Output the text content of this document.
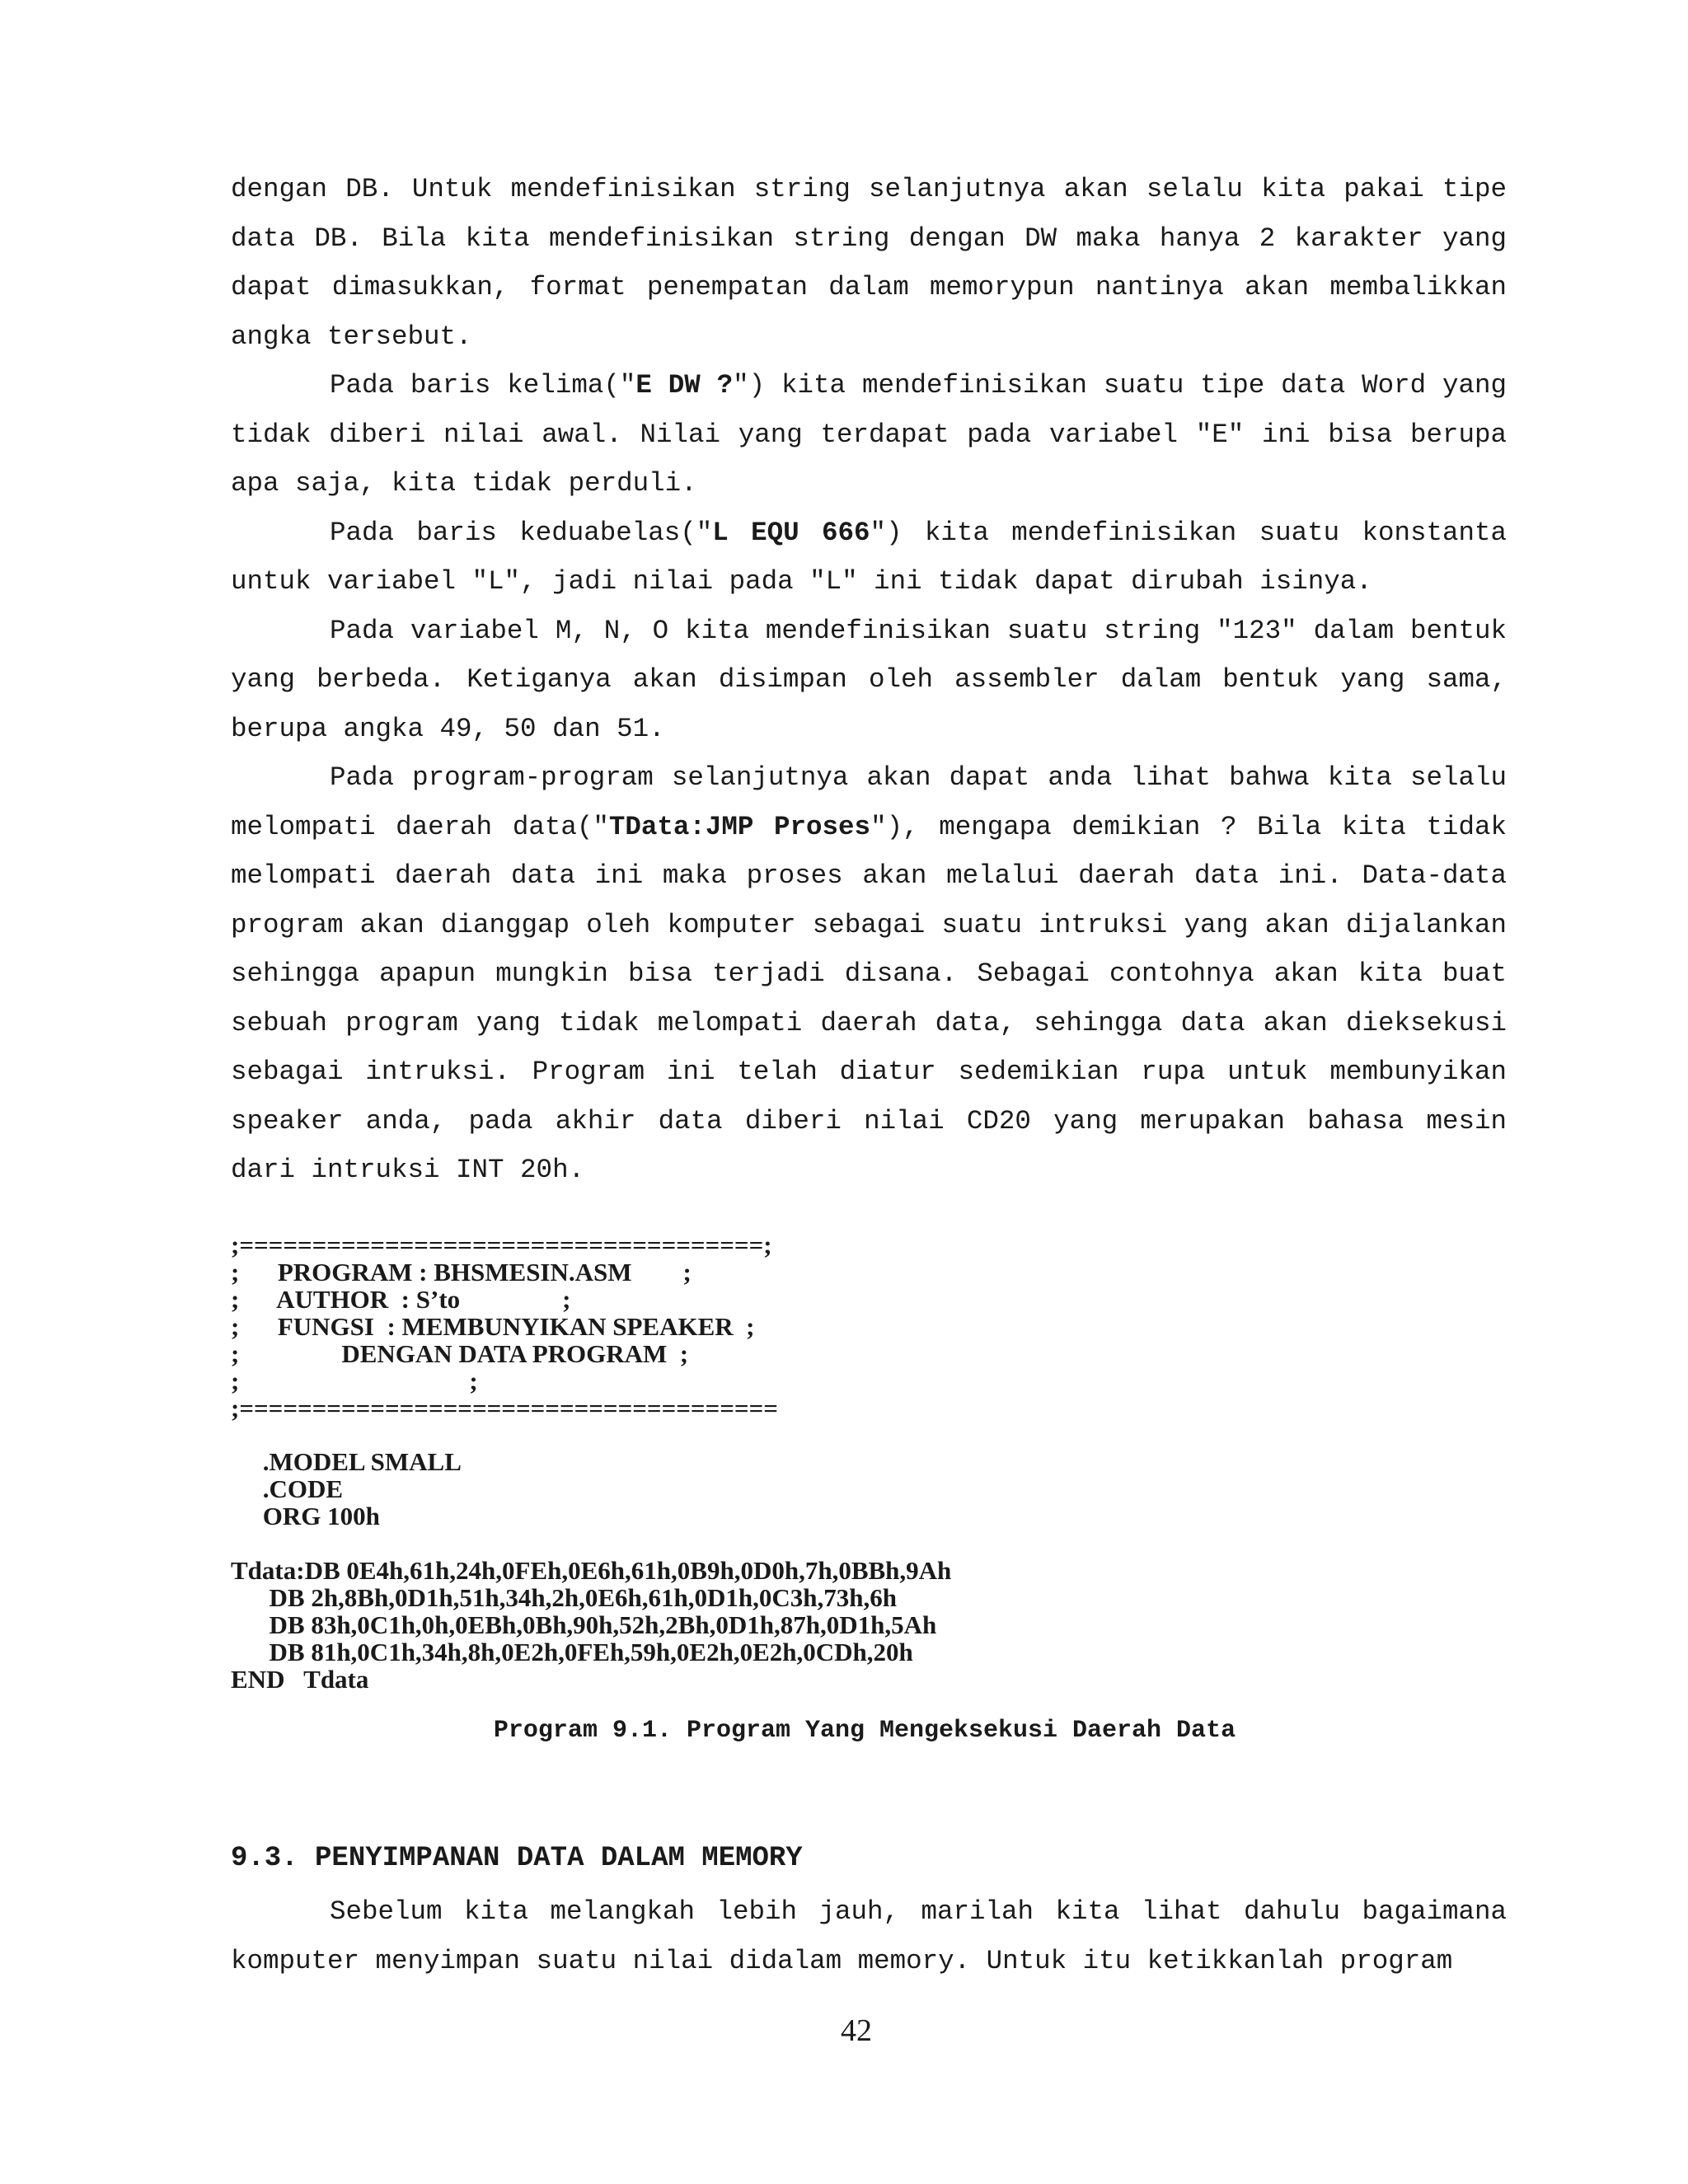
dengan DB. Untuk mendefinisikan string selanjutnya akan selalu kita pakai tipe data DB. Bila kita mendefinisikan string dengan DW maka hanya 2 karakter yang dapat dimasukkan, format penempatan dalam memorypun nantinya akan membalikkan angka tersebut.

Pada baris kelima("E DW ?") kita mendefinisikan suatu tipe data Word yang tidak diberi nilai awal. Nilai yang terdapat pada variabel "E" ini bisa berupa apa saja, kita tidak perduli.

Pada baris keduabelas("L EQU 666") kita mendefinisikan suatu konstanta untuk variabel "L", jadi nilai pada "L" ini tidak dapat dirubah isinya.

Pada variabel M, N, O kita mendefinisikan suatu string "123" dalam bentuk yang berbeda. Ketiganya akan disimpan oleh assembler dalam bentuk yang sama, berupa angka 49, 50 dan 51.

Pada program-program selanjutnya akan dapat anda lihat bahwa kita selalu melompati daerah data("TData:JMP Proses"), mengapa demikian ? Bila kita tidak melompati daerah data ini maka proses akan melalui daerah data ini. Data-data program akan dianggap oleh komputer sebagai suatu intruksi yang akan dijalankan sehingga apapun mungkin bisa terjadi disana. Sebagai contohnya akan kita buat sebuah program yang tidak melompati daerah data, sehingga data akan dieksekusi sebagai intruksi. Program ini telah diatur sedemikian rupa untuk membunyikan speaker anda, pada akhir data diberi nilai CD20 yang merupakan bahasa mesin dari intruksi INT 20h.

;====================================;
;      PROGRAM : BHSMESIN.ASM        ;
;      AUTHOR  : S’to                ;
;      FUNGSI  : MEMBUNYIKAN SPEAKER  ;
;                DENGAN DATA PROGRAM  ;
;                                    ;
;=====================================
.MODEL SMALL
.CODE
ORG 100h

Tdata:DB 0E4h,61h,24h,0FEh,0E6h,61h,0B9h,0D0h,7h,0BBh,9Ah
DB 2h,8Bh,0D1h,51h,34h,2h,0E6h,61h,0D1h,0C3h,73h,6h
DB 83h,0C1h,0h,0EBh,0Bh,90h,52h,2Bh,0D1h,87h,0D1h,5Ah
DB 81h,0C1h,34h,8h,0E2h,0FEh,59h,0E2h,0E2h,0CDh,20h
END   Tdata

Program 9.1. Program Yang Mengeksekusi Daerah Data

9.3. PENYIMPANAN DATA DALAM MEMORY

Sebelum kita melangkah lebih jauh, marilah kita lihat dahulu bagaimana komputer menyimpan suatu nilai didalam memory. Untuk itu ketikkanlah program

42
